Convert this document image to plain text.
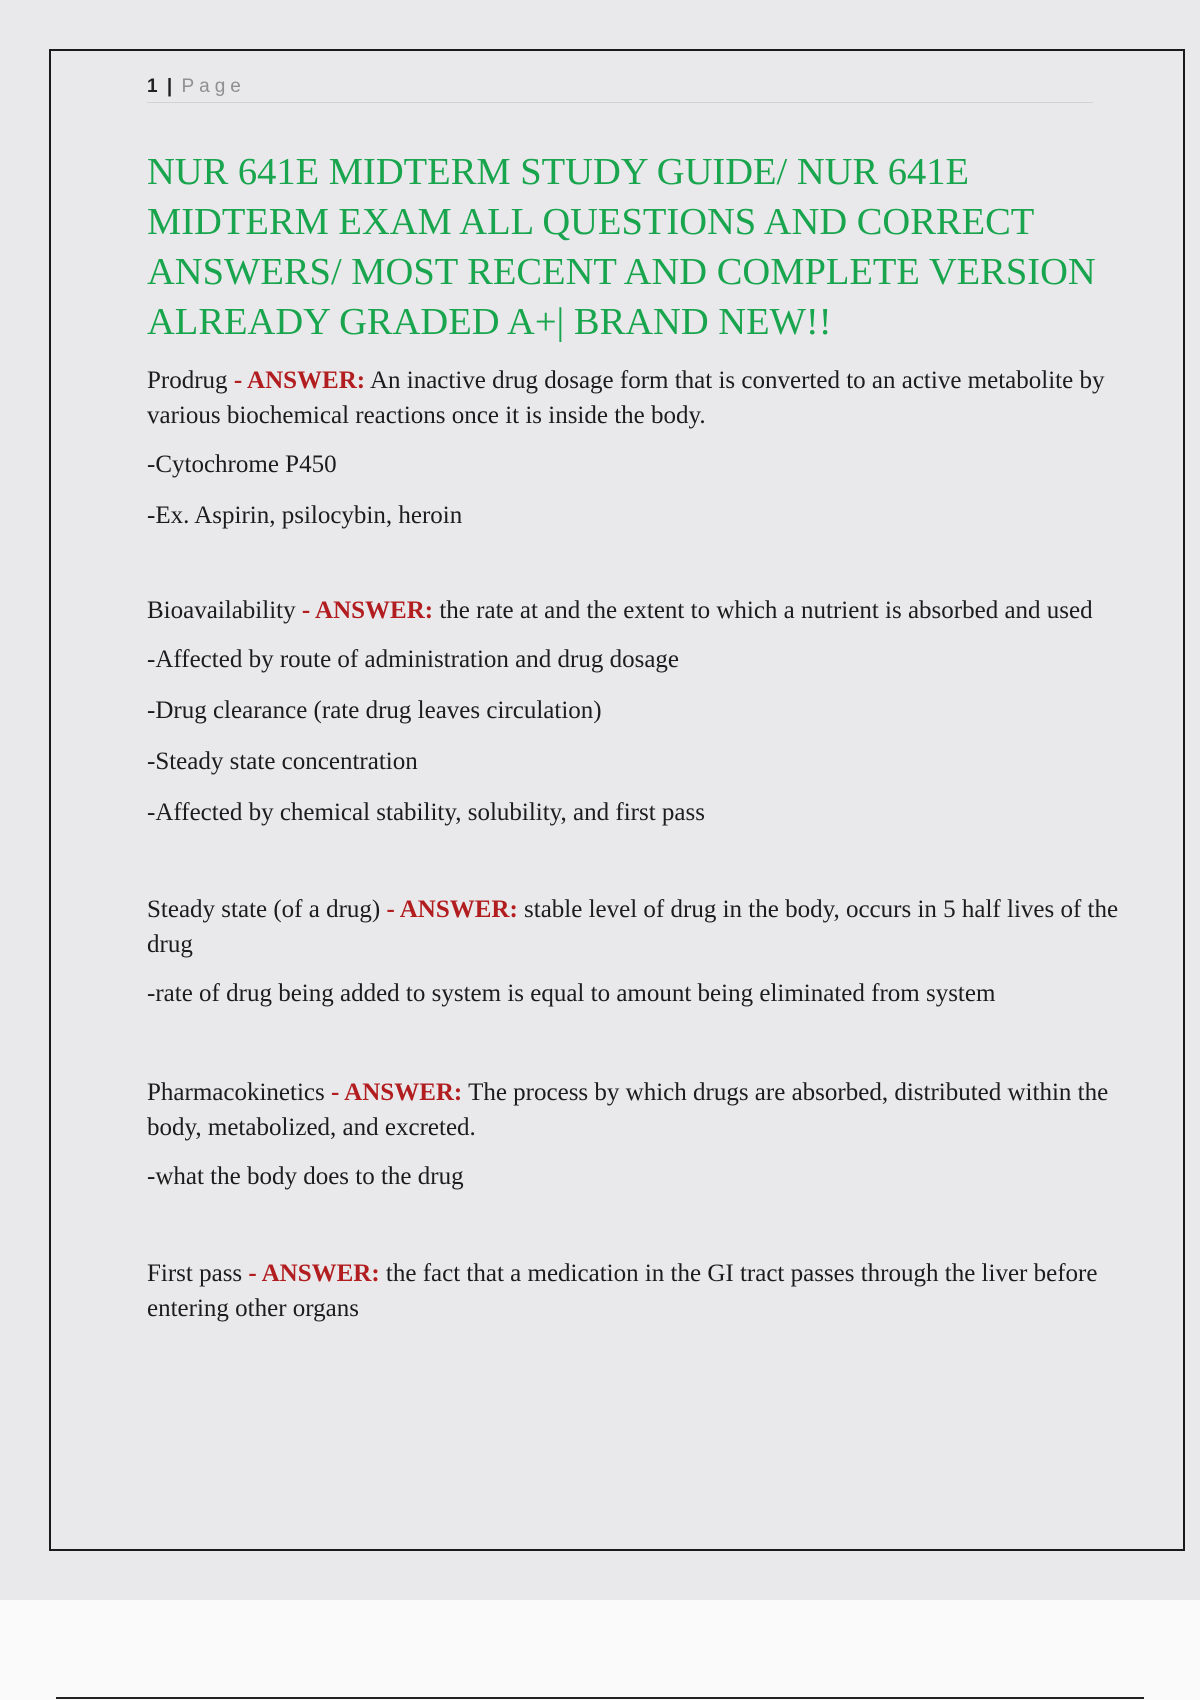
1 | Page
NUR 641E MIDTERM STUDY GUIDE/ NUR 641E MIDTERM EXAM ALL QUESTIONS AND CORRECT ANSWERS/ MOST RECENT AND COMPLETE VERSION ALREADY GRADED A+| BRAND NEW!!

Prodrug - ANSWER: An inactive drug dosage form that is converted to an active metabolite by various biochemical reactions once it is inside the body.

-Cytochrome P450

-Ex. Aspirin, psilocybin, heroin

Bioavailability - ANSWER: the rate at and the extent to which a nutrient is absorbed and used

-Affected by route of administration and drug dosage

-Drug clearance (rate drug leaves circulation)

-Steady state concentration

-Affected by chemical stability, solubility, and first pass

Steady state (of a drug) - ANSWER: stable level of drug in the body, occurs in 5 half lives of the drug

-rate of drug being added to system is equal to amount being eliminated from system

Pharmacokinetics - ANSWER: The process by which drugs are absorbed, distributed within the body, metabolized, and excreted.

-what the body does to the drug

First pass - ANSWER: the fact that a medication in the GI tract passes through the liver before entering other organs
